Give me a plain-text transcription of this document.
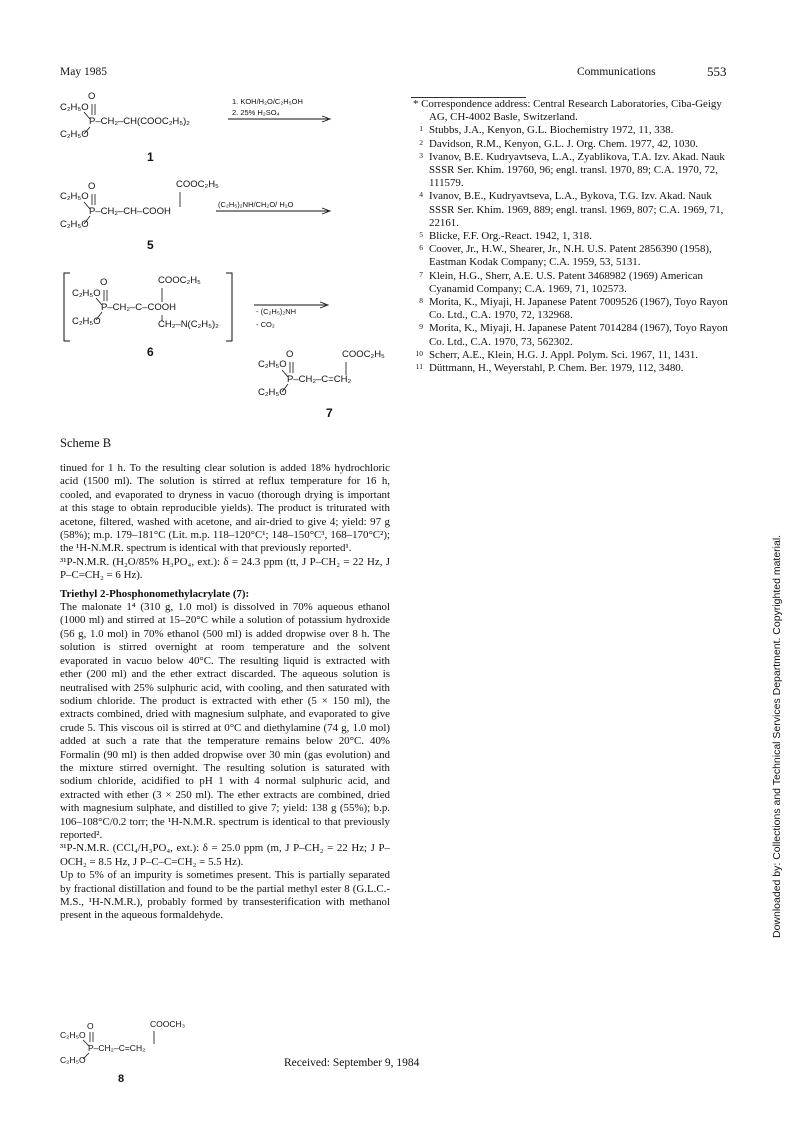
May 1985	Communications	553
O
C₂H₅O
P–CH₂–CH(COOC₂H₅)₂
C₂H₅O
1
1. KOH/H₂O/C₂H₅OH
2. 25% H₂SO₄
COOC₂H₅
O
C₂H₅O
P–CH₂–CH–COOH
C₂H₅O
5
(C₂H₅)₂NH/CH₂O/ H₂O
COOC₂H₅
O
C₂H₅O
P–CH₂–C–COOH
C₂H₅O	CH₂–N(C₂H₅)₂
6
- (C₂H₅)₂NH
- CO₂
COOC₂H₅
O
C₂H₅O
P–CH₂–C=CH₂
C₂H₅O
7
Scheme B

tinued for 1 h. To the resulting clear solution is added 18% hydrochloric acid (1500 ml). The solution is stirred at reflux temperature for 16 h, cooled, and evaporated to dryness in vacuo (thorough drying is important at this stage to obtain reproducible yields). The product is triturated with acetone, filtered, washed with acetone, and air-dried to give 4; yield: 97 g (58%); m.p. 179–181°C (Lit. m.p. 118–120°C¹; 148–150°C³, 168–170°C²); the ¹H-N.M.R. spectrum is identical with that previously reported¹.

³¹P-N.M.R. (H₂O/85% H₃PO₄, ext.): δ = 24.3 ppm (tt, J P–CH₂ = 22 Hz, J P–C=CH₂ = 6 Hz).

Triethyl 2-Phosphonomethylacrylate (7):

The malonate 1⁴ (310 g, 1.0 mol) is dissolved in 70% aqueous ethanol (1000 ml) and stirred at 15–20°C while a solution of potassium hydroxide (56 g, 1.0 mol) in 70% ethanol (500 ml) is added dropwise over 8 h. The solution is stirred overnight at room temperature and the solvent evaporated in vacuo below 40°C. The resulting liquid is extracted with ether (200 ml) and the ether extract discarded. The aqueous solution is neutralised with 25% sulphuric acid, with cooling, and then saturated with sodium chloride. The product is extracted with ether (5 × 150 ml), the extracts combined, dried with magnesium sulphate, and evaporated to give crude 5. This viscous oil is stirred at 0°C and diethylamine (74 g, 1.0 mol) added at such a rate that the temperature remains below 20°C. 40% Formalin (90 ml) is then added dropwise over 30 min (gas evolution) and the mixture stirred overnight. The resulting solution is saturated with sodium chloride, acidified to pH 1 with 4 normal sulphuric acid, and extracted with ether (3 × 250 ml). The ether extracts are combined, dried with magnesium sulphate, and distilled to give 7; yield: 138 g (55%); b.p. 106–108°C/0.2 torr; the ¹H-N.M.R. spectrum is identical to that previously reported².

³¹P-N.M.R. (CCl₄/H₃PO₄, ext.): δ = 25.0 ppm (m, J P–CH₂ = 22 Hz; J P–OCH₂ = 8.5 Hz, J P–C–C=CH₂ = 5.5 Hz).

Up to 5% of an impurity is sometimes present. This is partially separated by fractional distillation and found to be the partial methyl ester 8 (G.L.C.-M.S., ¹H-N.M.R.), probably formed by transesterification with methanol present in the aqueous formaldehyde.

COOCH₃
O
C₂H₅O
P–CH₂–C=CH₂
C₂H₅O
8
Received: September 9, 1984
* Correspondence address: Central Research Laboratories, Ciba-Geigy AG, CH-4002 Basle, Switzerland.
1 Stubbs, J.A., Kenyon, G.L. Biochemistry 1972, 11, 338.
2 Davidson, R.M., Kenyon, G.L. J. Org. Chem. 1977, 42, 1030.
3 Ivanov, B.E. Kudryavtseva, L.A., Zyablikova, T.A. Izv. Akad. Nauk SSSR Ser. Khim. 19760, 96; engl. transl. 1970, 89; C.A. 1970, 72, 111579.
4 Ivanov, B.E., Kudryavtseva, L.A., Bykova, T.G. Izv. Akad. Nauk SSSR Ser. Khim. 1969, 889; engl. transl. 1969, 807; C.A. 1969, 71, 22161.
5 Blicke, F.F. Org.-React. 1942, 1, 318.
6 Coover, Jr., H.W., Shearer, Jr., N.H. U.S. Patent 2856390 (1958), Eastman Kodak Company; C.A. 1959, 53, 5131.
7 Klein, H.G., Sherr, A.E. U.S. Patent 3468982 (1969) American Cyanamid Company; C.A. 1969, 71, 102573.
8 Morita, K., Miyaji, H. Japanese Patent 7009526 (1967), Toyo Rayon Co. Ltd., C.A. 1970, 72, 132968.
9 Morita, K., Miyaji, H. Japanese Patent 7014284 (1967), Toyo Rayon Co. Ltd., C.A. 1970, 73, 562302.
10 Scherr, A.E., Klein, H.G. J. Appl. Polym. Sci. 1967, 11, 1431.
11 Düttmann, H., Weyerstahl, P. Chem. Ber. 1979, 112, 3480.
Downloaded by: Collections and Technical Services Department. Copyrighted material.
